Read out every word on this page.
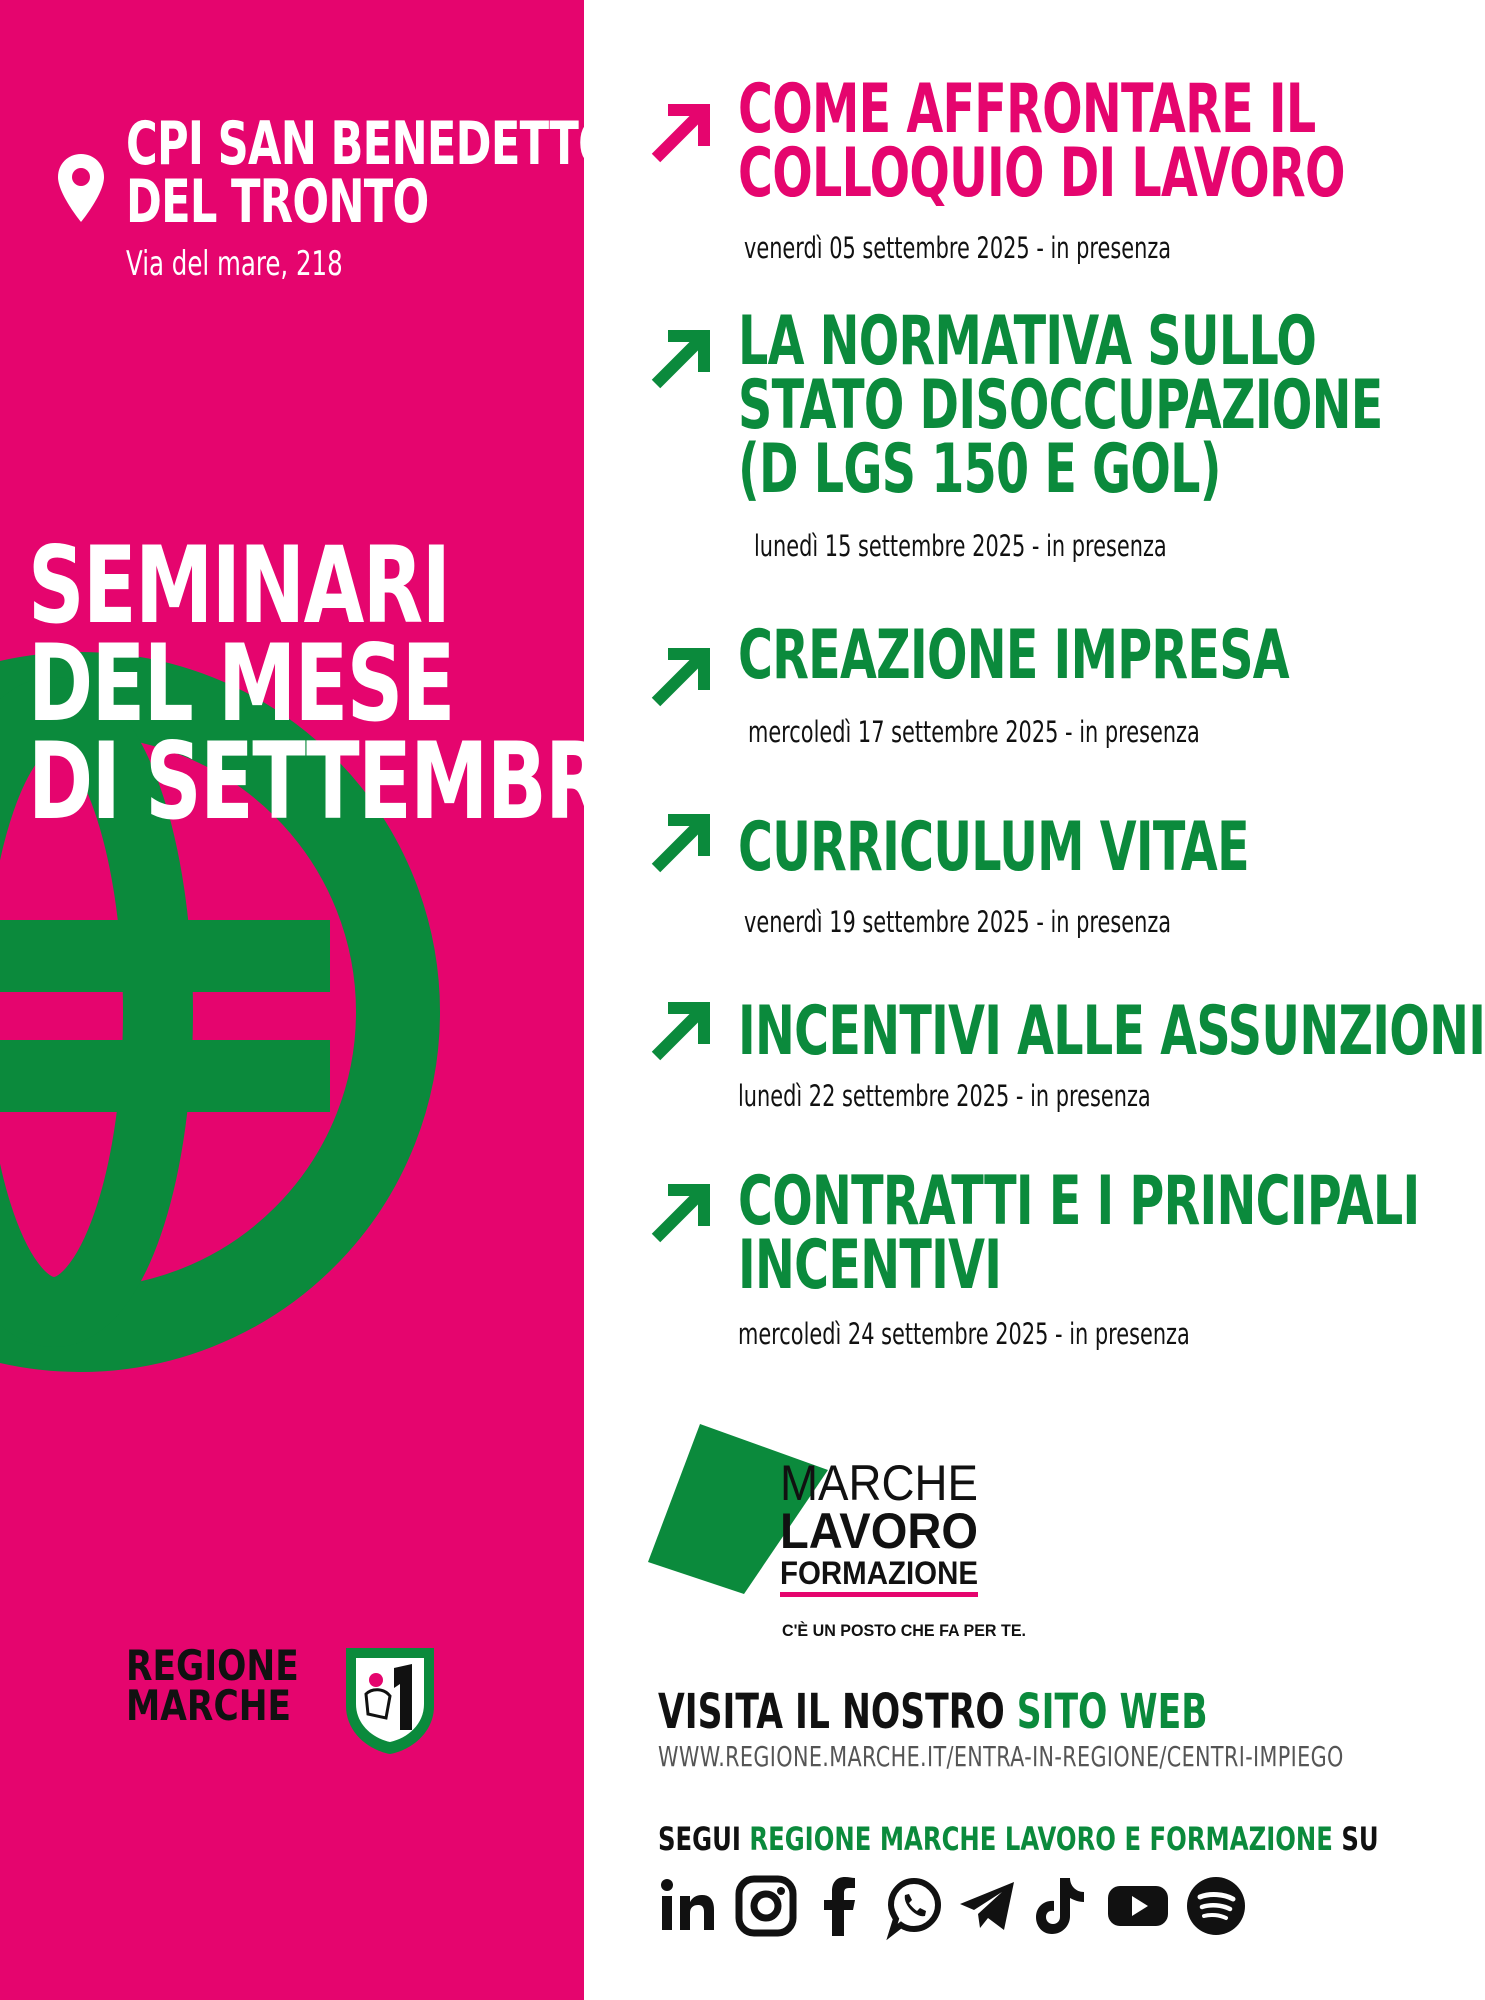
CPI SAN BENEDETTO
DEL TRONTO
Via del mare, 218
SEMINARI
DEL MESE
DI SETTEMBRE
REGIONE
MARCHE
COME AFFRONTARE IL
COLLOQUIO DI LAVORO
venerdì 05 settembre 2025 - in presenza
LA NORMATIVA SULLO
STATO DISOCCUPAZIONE
(D LGS 150 E GOL)
lunedì 15 settembre 2025 - in presenza
CREAZIONE IMPRESA
mercoledì 17 settembre 2025 - in presenza
CURRICULUM VITAE
venerdì 19 settembre 2025 - in presenza
INCENTIVI ALLE ASSUNZIONI
lunedì 22 settembre 2025 - in presenza
CONTRATTI E I PRINCIPALI
INCENTIVI
mercoledì 24 settembre 2025 - in presenza
MARCHE
LAVORO
FORMAZIONE
C'È UN POSTO CHE FA PER TE.
VISITA IL NOSTRO SITO WEB
WWW.REGIONE.MARCHE.IT/ENTRA-IN-REGIONE/CENTRI-IMPIEGO
SEGUI REGIONE MARCHE LAVORO E FORMAZIONE SU
